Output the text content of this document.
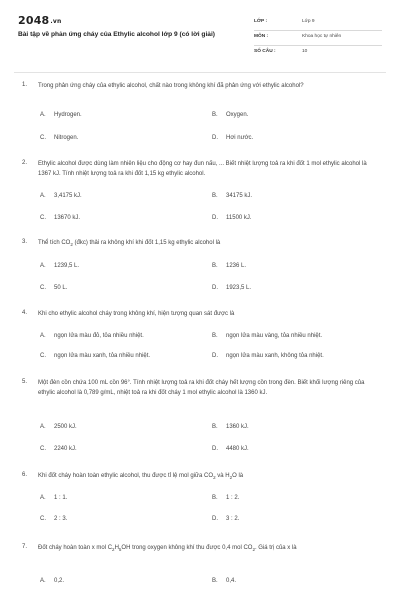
2048.vn
Bài tập về phản ứng cháy của Ethylic alcohol lớp 9 (có lời giải)
LỚP :	Lớp 9
MÔN :	Khoa học tự nhiên
SỐ CÂU :	10
1. Trong phản ứng cháy của ethylic alcohol, chất nào trong không khí đã phản ứng với ethylic alcohol?
A. Hydrogen.	B. Oxygen.
C. Nitrogen.	D. Hơi nước.
2. Ethylic alcohol được dùng làm nhiên liệu cho động cơ hay đun nấu, ... Biết nhiệt lượng toả ra khi đốt 1 mol ethylic alcohol là 1367 kJ. Tính nhiệt lượng toả ra khi đốt 1,15 kg ethylic alcohol.
A. 3,4175 kJ.	B. 34175 kJ.
C. 13670 kJ.	D. 11500 kJ.
3. Thể tích $CO_2$ (đkc) thải ra không khí khi đốt 1,15 kg ethylic alcohol là
A. 1239,5 L.	B. 1236 L.
C. 50 L.	D. 1923,5 L.
4. Khi cho ethylic alcohol cháy trong không khí, hiện tượng quan sát được là
A. ngọn lửa màu đỏ, tỏa nhiều nhiệt.	B. ngọn lửa màu vàng, tỏa nhiều nhiệt.
C. ngọn lửa màu xanh, tỏa nhiều nhiệt.	D. ngọn lửa màu xanh, không tỏa nhiệt.
5. Một đèn cồn chứa 100 mL cồn 96°. Tính nhiệt lượng toả ra khi đốt cháy hết lượng cồn trong đèn. Biết khối lượng riêng của ethylic alcohol là 0,789 g/mL, nhiệt toả ra khi đốt cháy 1 mol ethylic alcohol là 1360 kJ.
A. 2500 kJ.	B. 1360 kJ.
C. 2240 kJ.	D. 4480 kJ.
6. Khi đốt cháy hoàn toàn ethylic alcohol, thu được tỉ lệ mol giữa $CO_2$ và $H_2O$ là
A. 1 : 1.	B. 1 : 2.
C. 2 : 3.	D. 3 : 2.
7. Đốt cháy hoàn toàn x mol $C_2H_5OH$ trong oxygen không khí thu được 0,4 mol $CO_2$. Giá trị của x là
A. 0,2.	B. 0,4.
